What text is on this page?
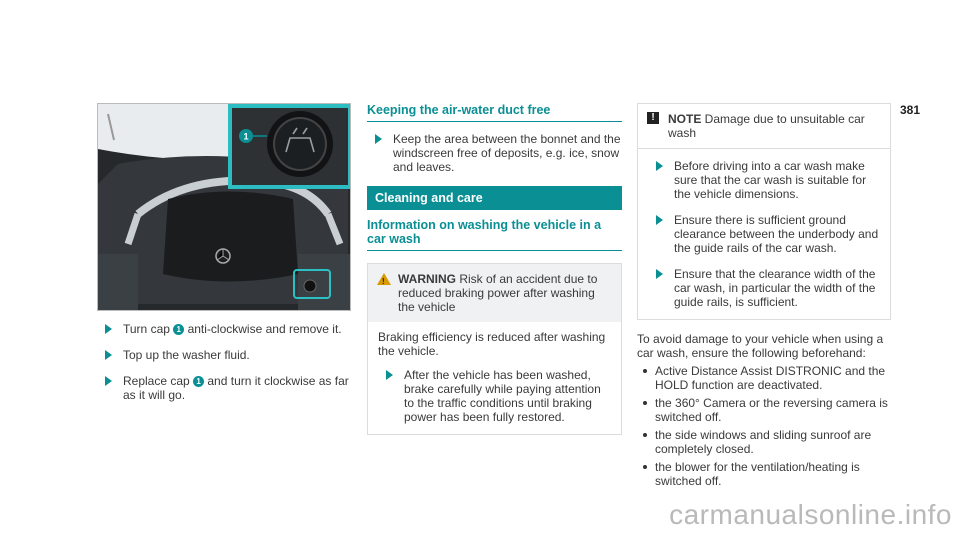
381
1
Turn cap 1 anti-clockwise and remove it.
Top up the washer fluid.
Replace cap 1 and turn it clockwise as far as it will go.
Keeping the air-water duct free
Keep the area between the bonnet and the windscreen free of deposits, e.g. ice, snow and leaves.
Cleaning and care
Information on washing the vehicle in a car wash
! WARNING Risk of an accident due to reduced braking power after washing the vehicle
Braking efficiency is reduced after washing the vehicle.
After the vehicle has been washed, brake carefully while paying attention to the traffic conditions until braking power has been fully restored.
!	NOTE Damage due to unsuitable car wash
Before driving into a car wash make sure that the car wash is suitable for the vehicle dimensions.
Ensure there is sufficient ground clearance between the underbody and the guide rails of the car wash.
Ensure that the clearance width of the car wash, in particular the width of the guide rails, is sufficient.
To avoid damage to your vehicle when using a car wash, ensure the following beforehand:
Active Distance Assist DISTRONIC and the HOLD function are deactivated.
the 360° Camera or the reversing camera is switched off.
the side windows and sliding sunroof are completely closed.
the blower for the ventilation/heating is switched off.
carmanualsonline.info
